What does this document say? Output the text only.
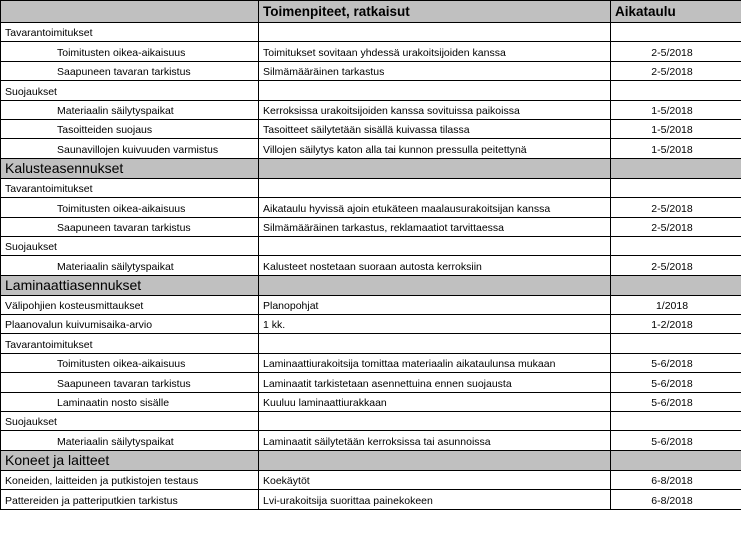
	Toimenpiteet, ratkaisut	Aikataulu
Tavarantoimitukset		
Toimitusten oikea-aikaisuus	Toimitukset sovitaan yhdessä urakoitsijoiden kanssa	2-5/2018
Saapuneen tavaran tarkistus	Silmämääräinen tarkastus	2-5/2018
Suojaukset		
Materiaalin säilytyspaikat	Kerroksissa urakoitsijoiden kanssa sovituissa paikoissa	1-5/2018
Tasoitteiden suojaus	Tasoitteet säilytetään sisällä kuivassa tilassa	1-5/2018
Saunavillojen kuivuuden varmistus	Villojen säilytys katon alla tai kunnon pressulla peitettynä	1-5/2018
Kalusteasennukset		
Tavarantoimitukset		
Toimitusten oikea-aikaisuus	Aikataulu hyvissä ajoin etukäteen maalausurakoitsijan kanssa	2-5/2018
Saapuneen tavaran tarkistus	Silmämääräinen tarkastus, reklamaatiot tarvittaessa	2-5/2018
Suojaukset		
Materiaalin säilytyspaikat	Kalusteet nostetaan suoraan autosta kerroksiin	2-5/2018
Laminaattiasennukset		
Välipohjien kosteusmittaukset	Planopohjat	1/2018
Plaanovalun kuivumisaika-arvio	1 kk.	1-2/2018
Tavarantoimitukset		
Toimitusten oikea-aikaisuus	Laminaattiurakoitsija tomittaa materiaalin aikataulunsa mukaan	5-6/2018
Saapuneen tavaran tarkistus	Laminaatit tarkistetaan asennettuina ennen suojausta	5-6/2018
Laminaatin nosto sisälle	Kuuluu laminaattiurakkaan	5-6/2018
Suojaukset		
Materiaalin säilytyspaikat	Laminaatit säilytetään kerroksissa tai asunnoissa	5-6/2018
Koneet ja laitteet		
Koneiden, laitteiden ja putkistojen testaus	Koekäytöt	6-8/2018
Pattereiden ja patteriputkien tarkistus	Lvi-urakoitsija suorittaa painekokeen	6-8/2018
